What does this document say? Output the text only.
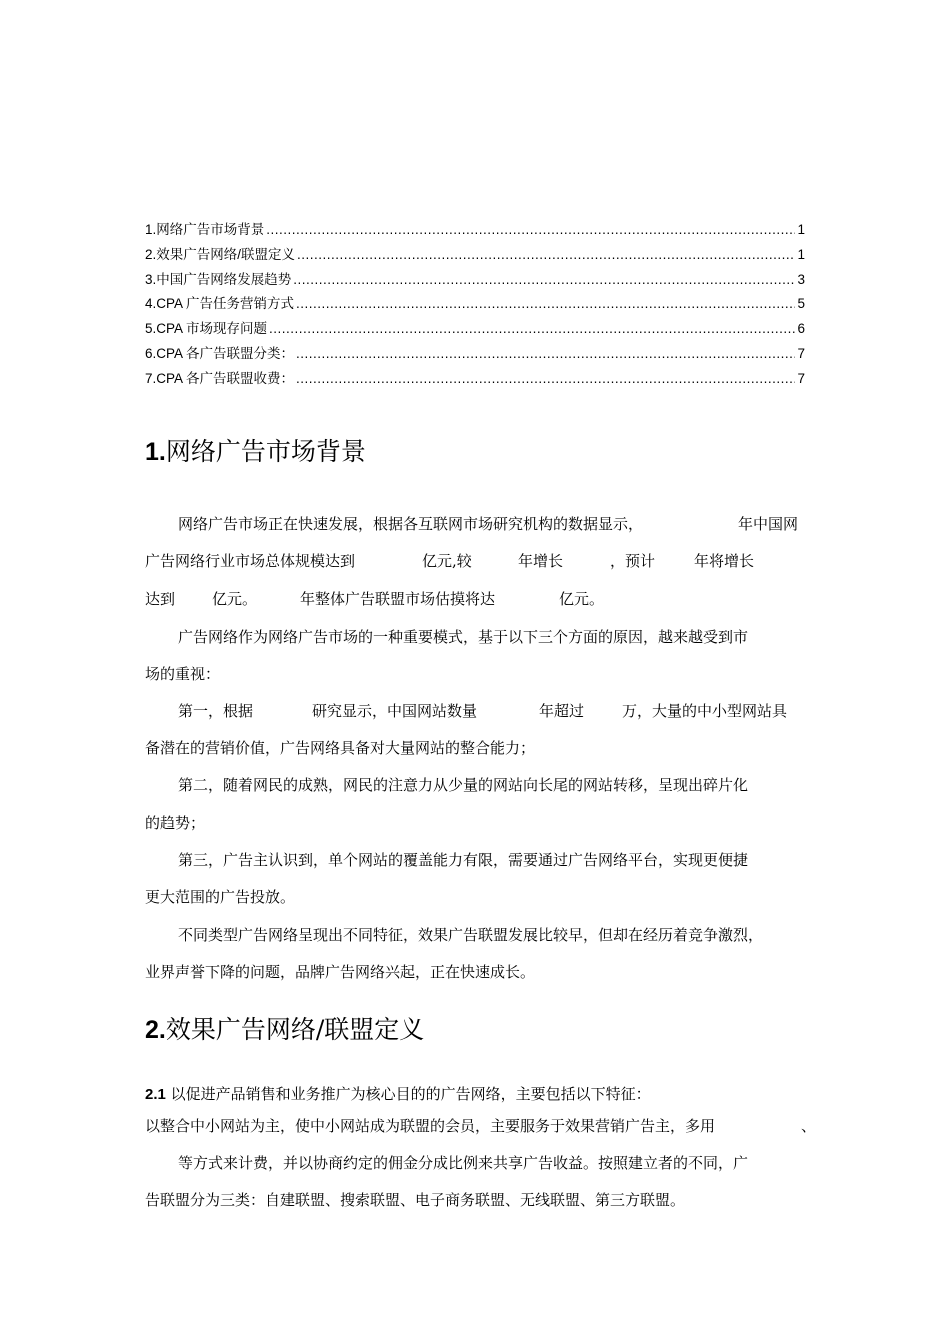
1.网络广告市场背景 .....	1
2.效果广告网络/联盟定义 .....	1
3.中国广告网络发展趋势 .....	3
4.CPA 广告任务营销方式 .....	5
5.CPA 市场现存问题 .....	6
6.CPA 各广告联盟分类： .....	7
7.CPA 各广告联盟收费： .....	7
1.网络广告市场背景
网络广告市场正在快速发展，根据各互联网市场研究机构的数据显示，	年中国网
广告网络行业市场总体规模达到	亿元,较	年增长	，预计	年将增长
达到 亿元。	年整体广告联盟市场估摸将达	亿元。
广告网络作为网络广告市场的一种重要模式，基于以下三个方面的原因，越来越受到市
场的重视：
第一，根据	研究显示，中国网站数量	年超过	万，大量的中小型网站具
备潜在的营销价值，广告网络具备对大量网站的整合能力；
第二，随着网民的成熟，网民的注意力从少量的网站向长尾的网站转移，呈现出碎片化
的趋势；
第三，广告主认识到，单个网站的覆盖能力有限，需要通过广告网络平台，实现更便捷
更大范围的广告投放。
不同类型广告网络呈现出不同特征，效果广告联盟发展比较早，但却在经历着竞争激烈，
业界声誉下降的问题，品牌广告网络兴起，正在快速成长。
2.效果广告网络/联盟定义
2.1 以促进产品销售和业务推广为核心目的的广告网络，主要包括以下特征：
以整合中小网站为主，使中小网站成为联盟的会员，主要服务于效果营销广告主，多用	、
等方式来计费，并以协商约定的佣金分成比例来共享广告收益。按照建立者的不同，广
告联盟分为三类：自建联盟、搜索联盟、电子商务联盟、无线联盟、第三方联盟。
